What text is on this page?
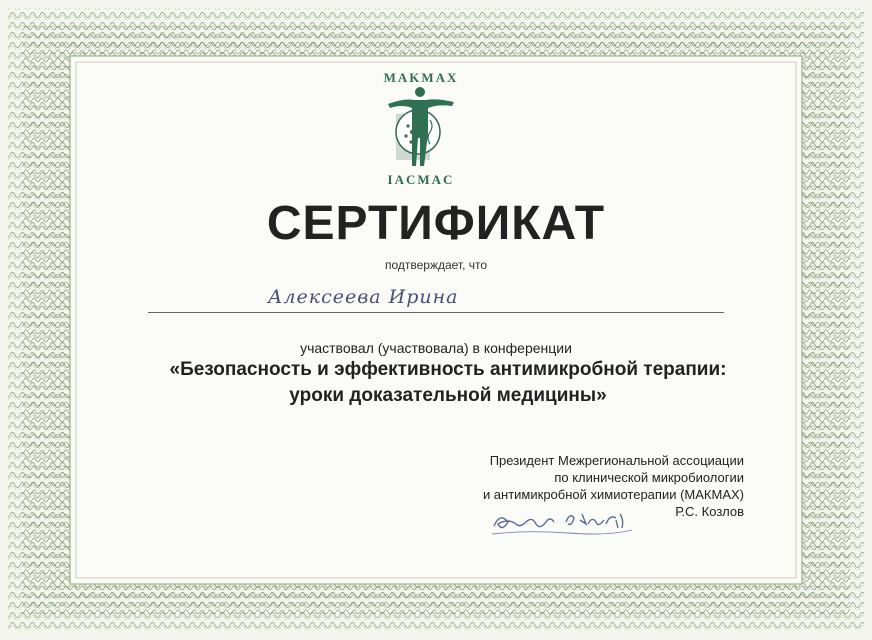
MAKMAX
IACMAC
СЕРТИФИКАТ
подтверждает, что
Алексеева Ирина
участвовал (участвовала) в конференции
«Безопасность и эффективность антимикробной терапии:
уроки доказательной медицины»
Президент Межрегиональной ассоциации
по клинической микробиологии
и антимикробной химиотерапии (МАКМАХ)
Р.С. Козлов
